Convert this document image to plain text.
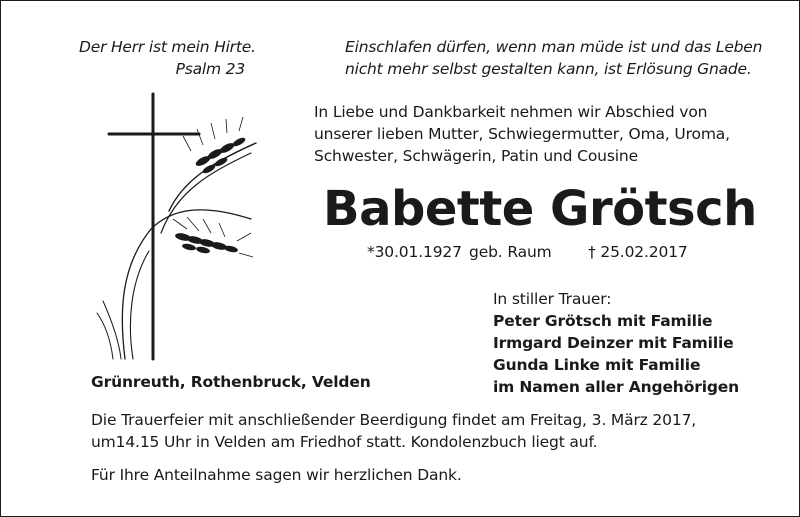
Der Herr ist mein Hirte.
Psalm 23
Einschlafen dürfen, wenn man müde ist und das Leben
nicht mehr selbst gestalten kann, ist Erlösung Gnade.
In Liebe und Dankbarkeit nehmen wir Abschied von
unserer lieben Mutter, Schwiegermutter, Oma, Uroma,
Schwester, Schwägerin, Patin und Cousine
Babette Grötsch
*30.01.1927 geb. Raum † 25.02.2017
Grünreuth, Rothenbruck, Velden
In stiller Trauer:
Peter Grötsch mit Familie
Irmgard Deinzer mit Familie
Gunda Linke mit Familie
im Namen aller Angehörigen
Die Trauerfeier mit anschließender Beerdigung findet am Freitag, 3. März 2017,
um14.15 Uhr in Velden am Friedhof statt. Kondolenzbuch liegt auf.
Für Ihre Anteilnahme sagen wir herzlichen Dank.
